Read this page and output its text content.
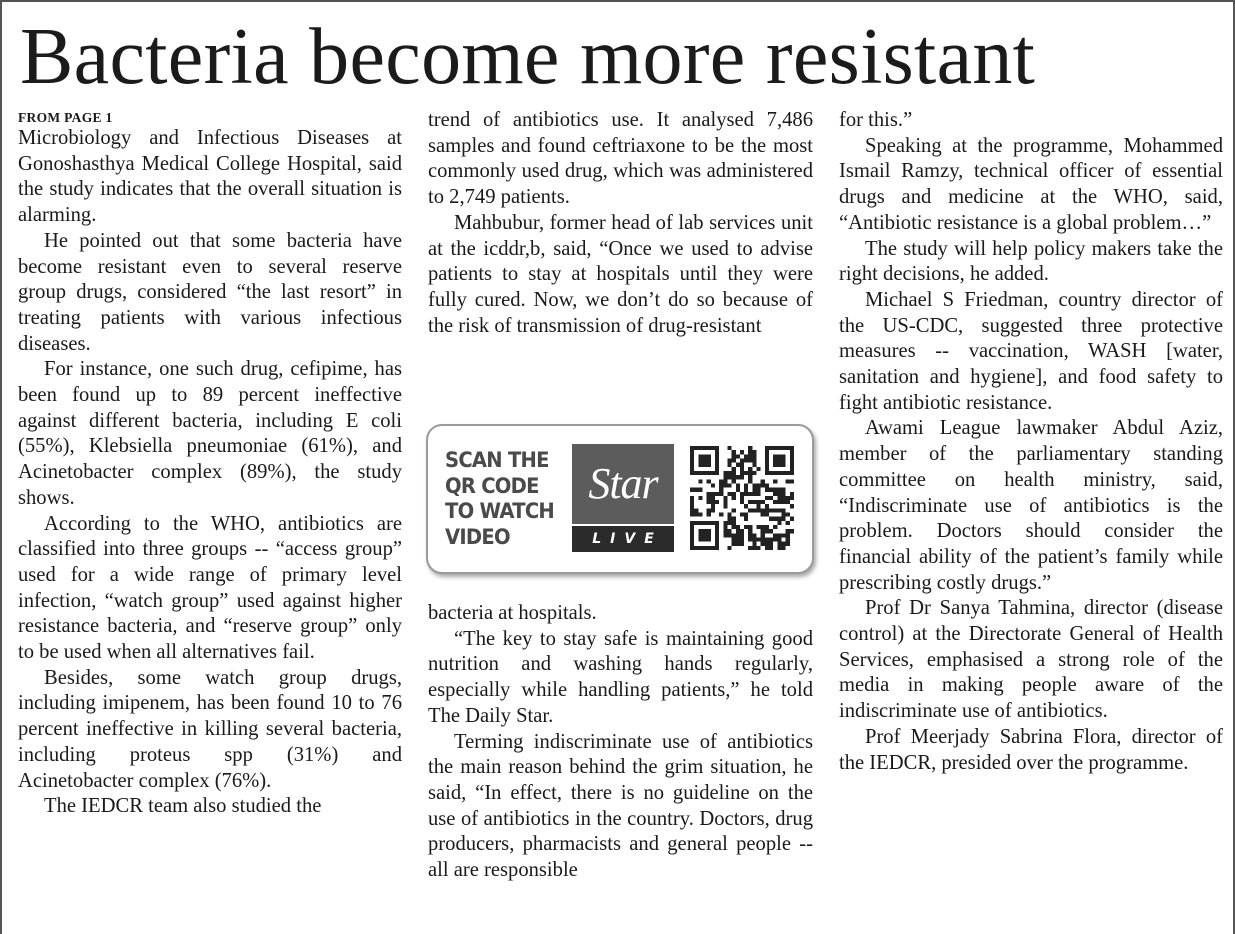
Bacteria become more resistant
FROM PAGE 1

Microbiology and Infectious Diseases at Gonoshasthya Medical College Hospital, said the study indicates that the overall situation is alarming.

He pointed out that some bacteria have become resistant even to several reserve group drugs, considered “the last resort” in treating patients with various infectious diseases.

For instance, one such drug, cefipime, has been found up to 89 percent ineffective against different bacteria, including E coli (55%), Klebsiella pneumoniae (61%), and Acinetobacter complex (89%), the study shows.

According to the WHO, antibiotics are classified into three groups -- “access group” used for a wide range of primary level infection, “watch group” used against higher resistance bacteria, and “reserve group” only to be used when all alternatives fail.

Besides, some watch group drugs, including imipenem, has been found 10 to 76 percent ineffective in killing several bacteria, including proteus spp (31%) and Acinetobacter complex (76%).

The IEDCR team also studied the

trend of antibiotics use. It analysed 7,486 samples and found ceftriaxone to be the most commonly used drug, which was administered to 2,749 patients.

Mahbubur, former head of lab services unit at the icddr,b, said, “Once we used to advise patients to stay at hospitals until they were fully cured. Now, we don’t do so because of the risk of transmission of drug-resistant

bacteria at hospitals.

“The key to stay safe is maintaining good nutrition and washing hands regularly, especially while handling patients,” he told The Daily Star.

Terming indiscriminate use of antibiotics the main reason behind the grim situation, he said, “In effect, there is no guideline on the use of antibiotics in the country. Doctors, drug producers, pharmacists and general people -- all are responsible

for this.”

Speaking at the programme, Mohammed Ismail Ramzy, technical officer of essential drugs and medicine at the WHO, said, “Antibiotic resistance is a global problem…”

The study will help policy makers take the right decisions, he added.

Michael S Friedman, country director of the US-CDC, suggested three protective measures -- vaccination, WASH [water, sanitation and hygiene], and food safety to fight antibiotic resistance.

Awami League lawmaker Abdul Aziz, member of the parliamentary standing committee on health ministry, said, “Indiscriminate use of antibiotics is the problem. Doctors should consider the financial ability of the patient’s family while prescribing costly drugs.”

Prof Dr Sanya Tahmina, director (disease control) at the Directorate General of Health Services, emphasised a strong role of the media in making people aware of the indiscriminate use of antibiotics.

Prof Meerjady Sabrina Flora, director of the IEDCR, presided over the programme.

SCAN THE
QR CODE
TO WATCH
VIDEO
Star
LIVE
